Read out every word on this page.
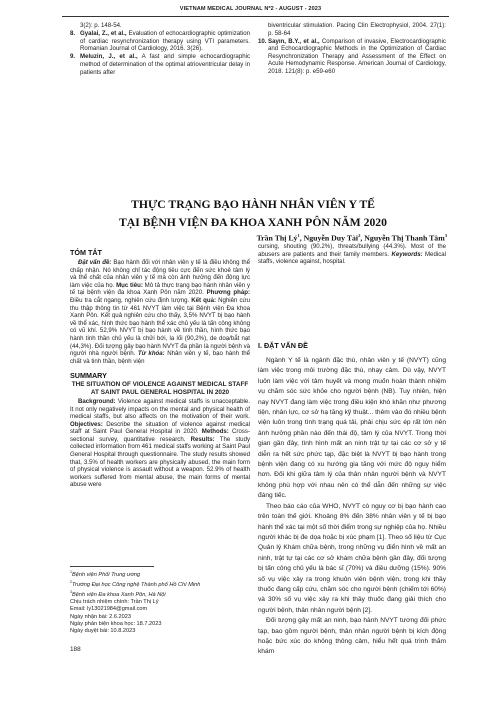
VIETNAM MEDICAL JOURNAL Nº2 - AUGUST - 2023
3(2): p. 148-54.
8. Gyalai, Z., et al., Evaluation of echocardiographic optimization of cardiac resynchronization therapy using VTI parameters. Romanian Journal of Cardiology, 2016. 3(26).
9. Meluzin, J., et al., A fast and simple echocardiographic method of determination of the optimal atrioventricular delay in patients after
biventricular stimulation. Pacing Clin Electrophysiol, 2004. 27(1): p. 58-64
10. Sayın, B.Y., et al., Comparison of invasive, Electrocardiographic and Echocardiographic Methods in the Optimization of Cardiac Resynchronization Therapy and Assessment of the Effect on Acute Hemodynamic Response. American Journal of Cardiology, 2018. 121(8): p. e59-e60
THỰC TRẠNG BẠO HÀNH NHÂN VIÊN Y TẾ
TẠI BỆNH VIỆN ĐA KHOA XANH PÔN NĂM 2020
Trần Thị $Lý^1$, Nguyễn Duy Tài$^2$, Nguyễn Thị Thanh Tâm$^3$
TÓM TẮT
Đặt vấn đề: Bạo hành đối với nhân viên y tế là điều không thể chấp nhận. Nó không chỉ tác động tiêu cực đến sức khoẻ tâm lý và thể chất của nhân viên y tế mà còn ảnh hưởng đến động lực làm việc của họ. Mục tiêu: Mô tả thực trạng bạo hành nhân viên y tế tại bệnh viện đa khoa Xanh Pôn năm 2020. Phương pháp: Điều tra cắt ngang, nghiên cứu định lượng. Kết quả: Nghiên cứu thu thập thông tin từ 461 NVYT làm việc tại Bệnh viện Đa khoa Xanh Pôn. Kết quả nghiên cứu cho thấy, 3,5% NVYT bị bạo hành về thể xác, hình thức bạo hành thể xác chủ yếu là tấn công không có vũ khí. 52,9% NVYT bị bạo hành về tinh thần, hình thức bạo hành tinh thần chủ yếu là chửi bới, la lối (90,2%), de doạ/bắt nạt (44,3%). Đối tượng gây bạo hành NVYT đa phần là người bệnh và người nhà người bệnh. Từ khóa: Nhân viên y tế, bạo hành thể chất và tinh thần, bệnh viện
SUMMARY
THE SITUATION OF VIOLENCE AGAINST MEDICAL STAFF AT SAINT PAUL GENERAL HOSPITAL IN 2020
Background: Violence against medical staffs is unacceptable. It not only negatively impacts on the mental and physical health of medical staffs, but also affects on the motivation of their work. Objectives: Describe the situation of violence against medical staff at Saint Paul General Hospital in 2020. Methods: Cross-sectional survey, quantitative research. Results: The study collected information from 461 medical staffs working at Saint Paul General Hospital through questionnaire. The study results showed that, 3.5% of health workers are physically abused, the main form of physical violence is assault without a weapon. 52.9% of health workers suffered from mental abuse, the main forms of mental abuse were
cursing, shouting (90.2%), threats/bullying (44.3%). Most of the abusers are patients and their family members. Keywords: Medical staffs, violence against, hospital.
I. ĐẶT VẤN ĐỀ
Ngành Y tế là ngành đặc thù, nhân viên y tế (NVYT) cũng làm việc trong môi trường đặc thù, nhạy cảm. Dù vậy, NVYT luôn làm việc với tâm huyết và mong muốn hoàn thành nhiệm vụ chăm sóc sức khỏe cho người bệnh (NB). Tuy nhiên, hiện nay NVYT đang làm việc trong điều kiện khó khăn như phương tiện, nhân lực, cơ sở hạ tầng kỹ thuật... thêm vào đó nhiều bệnh viện luôn trong tình trạng quá tải, phải chịu sức ép rất lớn nên ảnh hưởng phần nào đến thái độ, tâm lý của NVYT. Trong thời gian gần đây, tình hình mất an ninh trật tự tại các cơ sở y tế diễn ra hết sức phức tạp, đặc biệt là NVYT bị bạo hành trong bệnh viện đang có xu hướng gia tăng với mức độ nguy hiểm hơn. Đối khi giữa tâm lý của thân nhân người bệnh và NVYT không phù hợp với nhau nên có thể dẫn đến những sự việc đáng tiếc.
Theo báo cáo của WHO, NVYT có nguy cơ bị bạo hành cao trên toàn thế giới. Khoảng 8% đến 38% nhân viên y tế bị bạo hành thể xác tại một số thời điểm trong sự nghiệp của họ. Nhiều người khác bị đe dọa hoặc bị xúc phạm [1]. Theo số liệu từ Cục Quản lý Khám chữa bệnh, trong những vụ điển hình về mất an ninh, trật tự tại các cơ sở khám chữa bệnh gần đây, đối tượng bị tấn công chủ yếu là bác sĩ (70%) và điều dưỡng (15%). 90% số vụ việc xảy ra trong khuôn viên bệnh viện, trong khi thầy thuốc đang cấp cứu, chăm sóc cho người bệnh (chiếm tới 60%) và 30% số vụ việc xảy ra khi thầy thuốc đang giải thích cho người bệnh, thân nhân người bệnh [2].
Đối tượng gây mất an ninh, bạo hành NVYT tương đối phức tạp, bao gồm người bệnh, thân nhân người bệnh bị kích động hoặc bức xúc do không thông cảm, hiểu hết quá trình thăm khám
$^1$Bệnh viện Phổi Trung ương
$^2$Trường Đại học Công nghệ Thành phố Hồ Chí Minh
$^3$Bệnh viện Đa khoa Xanh Pôn, Hà Nội
Chịu trách nhiệm chính: Trần Thị Lý
Email: ly13021984@gmail.com
Ngày nhận bài: 2.6.2023
Ngày phản biện khoa học: 18.7.2023
Ngày duyệt bài: 10.8.2023
188
